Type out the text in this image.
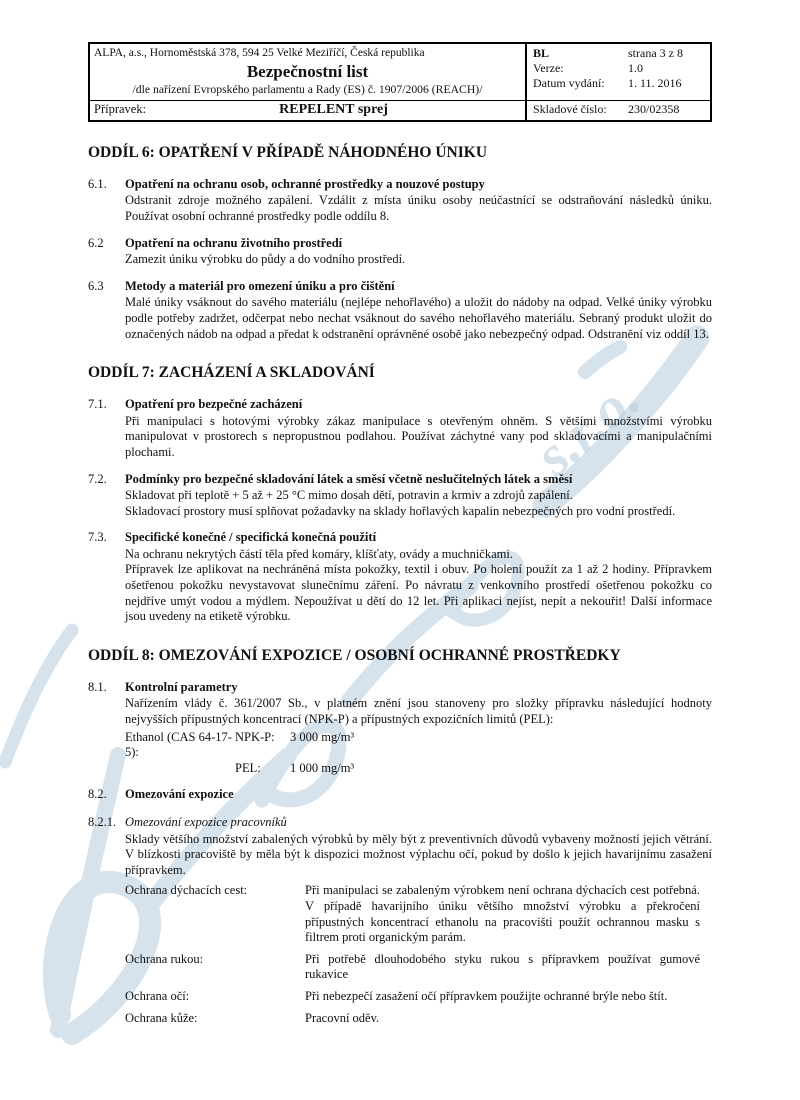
s.r.o.
ALPA, a.s., Hornoměstská 378, 594 25 Velké Meziříčí, Česká republika
Bezpečnostní list
/dle nařízení Evropského parlamentu a Rady (ES) č. 1907/2006 (REACH)/
BL	strana 3 z 8
Verze:	1.0
Datum vydání:	1. 11. 2016
Přípravek:	REPELENT sprej	Skladové číslo:	230/02358
ODDÍL 6: OPATŘENÍ V PŘÍPADĚ NÁHODNÉHO ÚNIKU
6.1.	Opatření na ochranu osob, ochranné prostředky a nouzové postupy

Odstranit zdroje možného zapálení. Vzdálit z místa úniku osoby neúčastnící se odstraňování následků úniku. Používat osobní ochranné prostředky podle oddílu 8.

6.2	Opatření na ochranu životního prostředí

Zamezit úniku výrobku do půdy a do vodního prostředí.

6.3	Metody a materiál pro omezení úniku a pro čištění

Malé úniky vsáknout do savého materiálu (nejlépe nehořlavého) a uložit do nádoby na odpad. Velké úniky výrobku podle potřeby zadržet, odčerpat nebo nechat vsáknout do savého nehořlavého materiálu. Sebraný produkt uložit do označených nádob na odpad a předat k odstranění oprávněné osobě jako nebezpečný odpad. Odstranění viz oddíl 13.

ODDÍL 7: ZACHÁZENÍ A SKLADOVÁNÍ
7.1.	Opatření pro bezpečné zacházení

Při manipulaci s hotovými výrobky zákaz manipulace s otevřeným ohněm. S většími množstvími výrobku manipulovat v prostorech s nepropustnou podlahou. Používat záchytné vany pod skladovacími a manipulačními plochami.

7.2.	Podmínky pro bezpečné skladování látek a směsí včetně neslučitelných látek a směsí

Skladovat při teplotě + 5 až + 25 °C mimo dosah dětí, potravin a krmiv a zdrojů zapálení.

Skladovací prostory musí splňovat požadavky na sklady hořlavých kapalin nebezpečných pro vodní prostředí.

7.3.	Specifické konečné / specifická konečná použití

Na ochranu nekrytých částí těla před komáry, klíšťaty, ovády a muchničkami.

Přípravek lze aplikovat na nechráněná místa pokožky, textil i obuv. Po holení použít za 1 až 2 hodiny. Přípravkem ošetřenou pokožku nevystavovat slunečnímu záření. Po návratu z venkovního prostředí ošetřenou pokožku co nejdříve umýt vodou a mýdlem. Nepoužívat u dětí do 12 let. Při aplikaci nejíst, nepít a nekouřit! Další informace jsou uvedeny na etiketě výrobku.

ODDÍL 8: OMEZOVÁNÍ EXPOZICE / OSOBNÍ OCHRANNÉ PROSTŘEDKY
8.1.	Kontrolní parametry

Nařízením vlády č. 361/2007 Sb., v platném znění jsou stanoveny pro složky přípravku následující hodnoty nejvyšších přípustných koncentrací (NPK-P) a přípustných expozičních limitů (PEL):

Ethanol (CAS 64-17-5):
NPK-P:	3 000 mg/m³
PEL:	1 000 mg/m³
8.2.	Omezování expozice
8.2.1. Omezování expozice pracovníků

Sklady většího množství zabalených výrobků by měly být z preventivních důvodů vybaveny možností jejich větrání. V blízkosti pracoviště by měla být k dispozici možnost výplachu očí, pokud by došlo k jejich havarijnímu zasažení přípravkem.

Ochrana dýchacích cest:	Při manipulaci se zabaleným výrobkem není ochrana dýchacích cest potřebná. V případě havarijního úniku většího množství výrobku a překročení přípustných koncentrací ethanolu na pracovišti použít ochrannou masku s filtrem proti organickým parám.
Ochrana rukou:	Při potřebě dlouhodobého styku rukou s přípravkem používat gumové rukavice
Ochrana očí:	Při nebezpečí zasažení očí přípravkem použijte ochranné brýle nebo štít.
Ochrana kůže:	Pracovní oděv.
